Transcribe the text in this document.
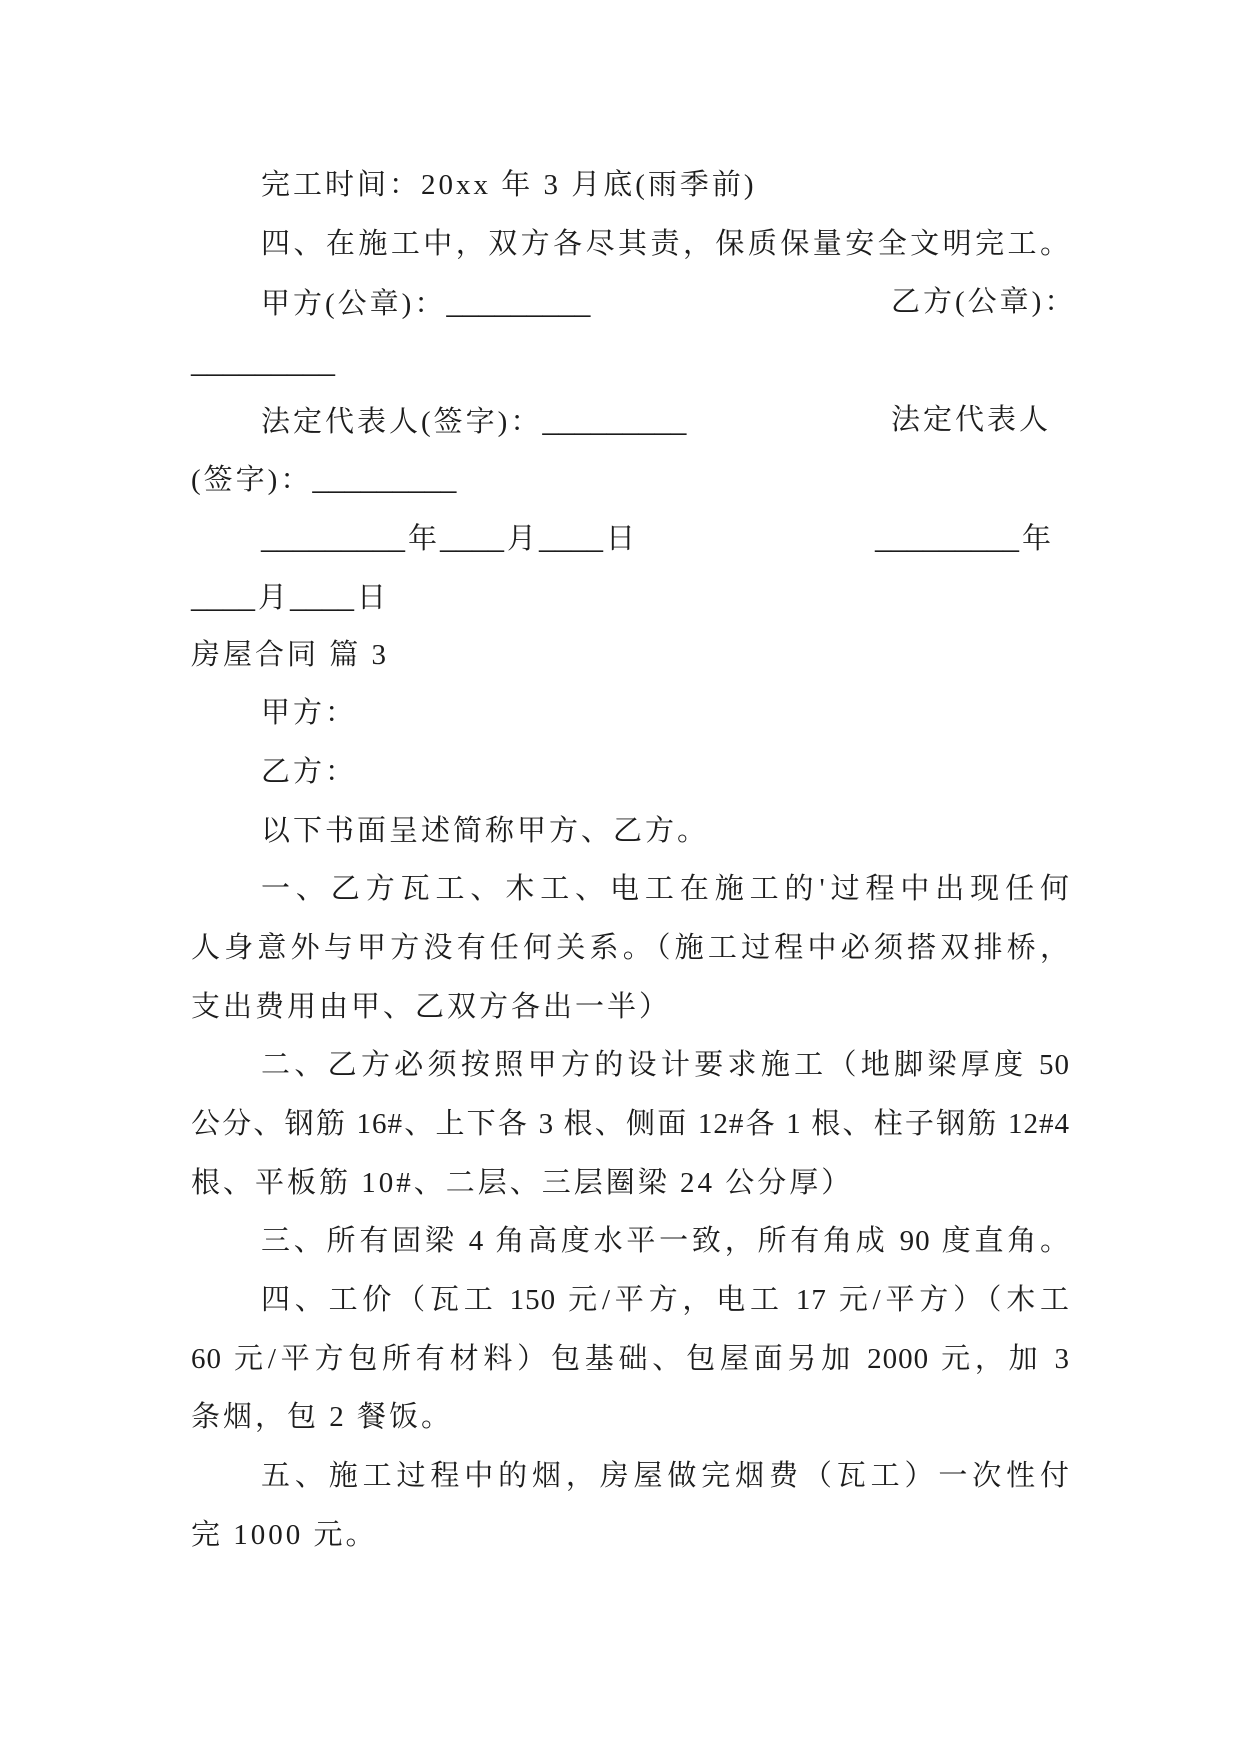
完工时间：20xx 年 3 月底(雨季前)
四、在施工中，双方各尽其责，保质保量安全文明完工。
甲方(公章)：_________	乙方(公章)：
_________
法定代表人(签字)：_________	法定代表人
(签字)：_________
_________ 年____ 月____ 日	_________ 年
____ 月____ 日
房屋合同 篇 3
甲方：
乙方：
以下书面呈述简称甲方、乙方。
一、乙方瓦工、木工、电工在施工的'过程中出现任何
人身意外与甲方没有任何关系。（施工过程中必须搭双排桥，
支出费用由甲、乙双方各出一半）
二、乙方必须按照甲方的设计要求施工（地脚梁厚度 50
公分、钢筋 16#、上下各 3 根、侧面 12#各 1 根、柱子钢筋 12#4
根、平板筋 10#、二层、三层圈梁 24 公分厚）
三、所有固梁 4 角高度水平一致，所有角成 90 度直角。
四、工价（瓦工 150 元/平方，电工 17 元/平方）（木工
60 元/平方包所有材料）包基础、包屋面另加 2000 元，加 3
条烟，包 2 餐饭。
五、施工过程中的烟，房屋做完烟费（瓦工）一次性付
完 1000 元。
